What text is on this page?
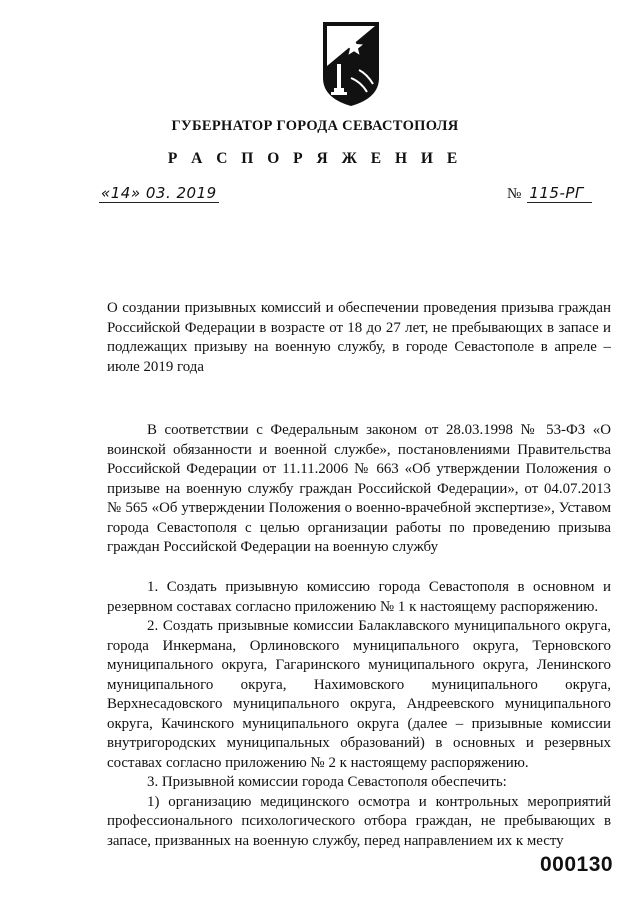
ГУБЕРНАТОР ГОРОДА СЕВАСТОПОЛЯ
Р А С П О Р Я Ж Е Н И Е
«14» 03. 2019	№ 115-РГ
О создании призывных комиссий и обеспечении проведения призыва граждан Российской Федерации в возрасте от 18 до 27 лет, не пребывающих в запасе и подлежащих призыву на военную службу, в городе Севастополе в апреле – июле 2019 года
В соответствии с Федеральным законом от 28.03.1998 № 53-ФЗ «О воинской обязанности и военной службе», постановлениями Правительства Российской Федерации от 11.11.2006 № 663 «Об утверждении Положения о призыве на военную службу граждан Российской Федерации», от 04.07.2013 № 565 «Об утверждении Положения о военно-врачебной экспертизе», Уставом города Севастополя с целью организации работы по проведению призыва граждан Российской Федерации на военную службу

1. Создать призывную комиссию города Севастополя в основном и резервном составах согласно приложению № 1 к настоящему распоряжению.

2. Создать призывные комиссии Балаклавского муниципального округа, города Инкермана, Орлиновского муниципального округа, Терновского муниципального округа, Гагаринского муниципального округа, Ленинского муниципального округа, Нахимовского муниципального округа, Верхнесадовского муниципального округа, Андреевского муниципального округа, Качинского муниципального округа (далее – призывные комиссии внутригородских муниципальных образований) в основных и резервных составах согласно приложению № 2 к настоящему распоряжению.

3. Призывной комиссии города Севастополя обеспечить:

1) организацию медицинского осмотра и контрольных мероприятий профессионального психологического отбора граждан, не пребывающих в запасе, призванных на военную службу, перед направлением их к месту

000130
